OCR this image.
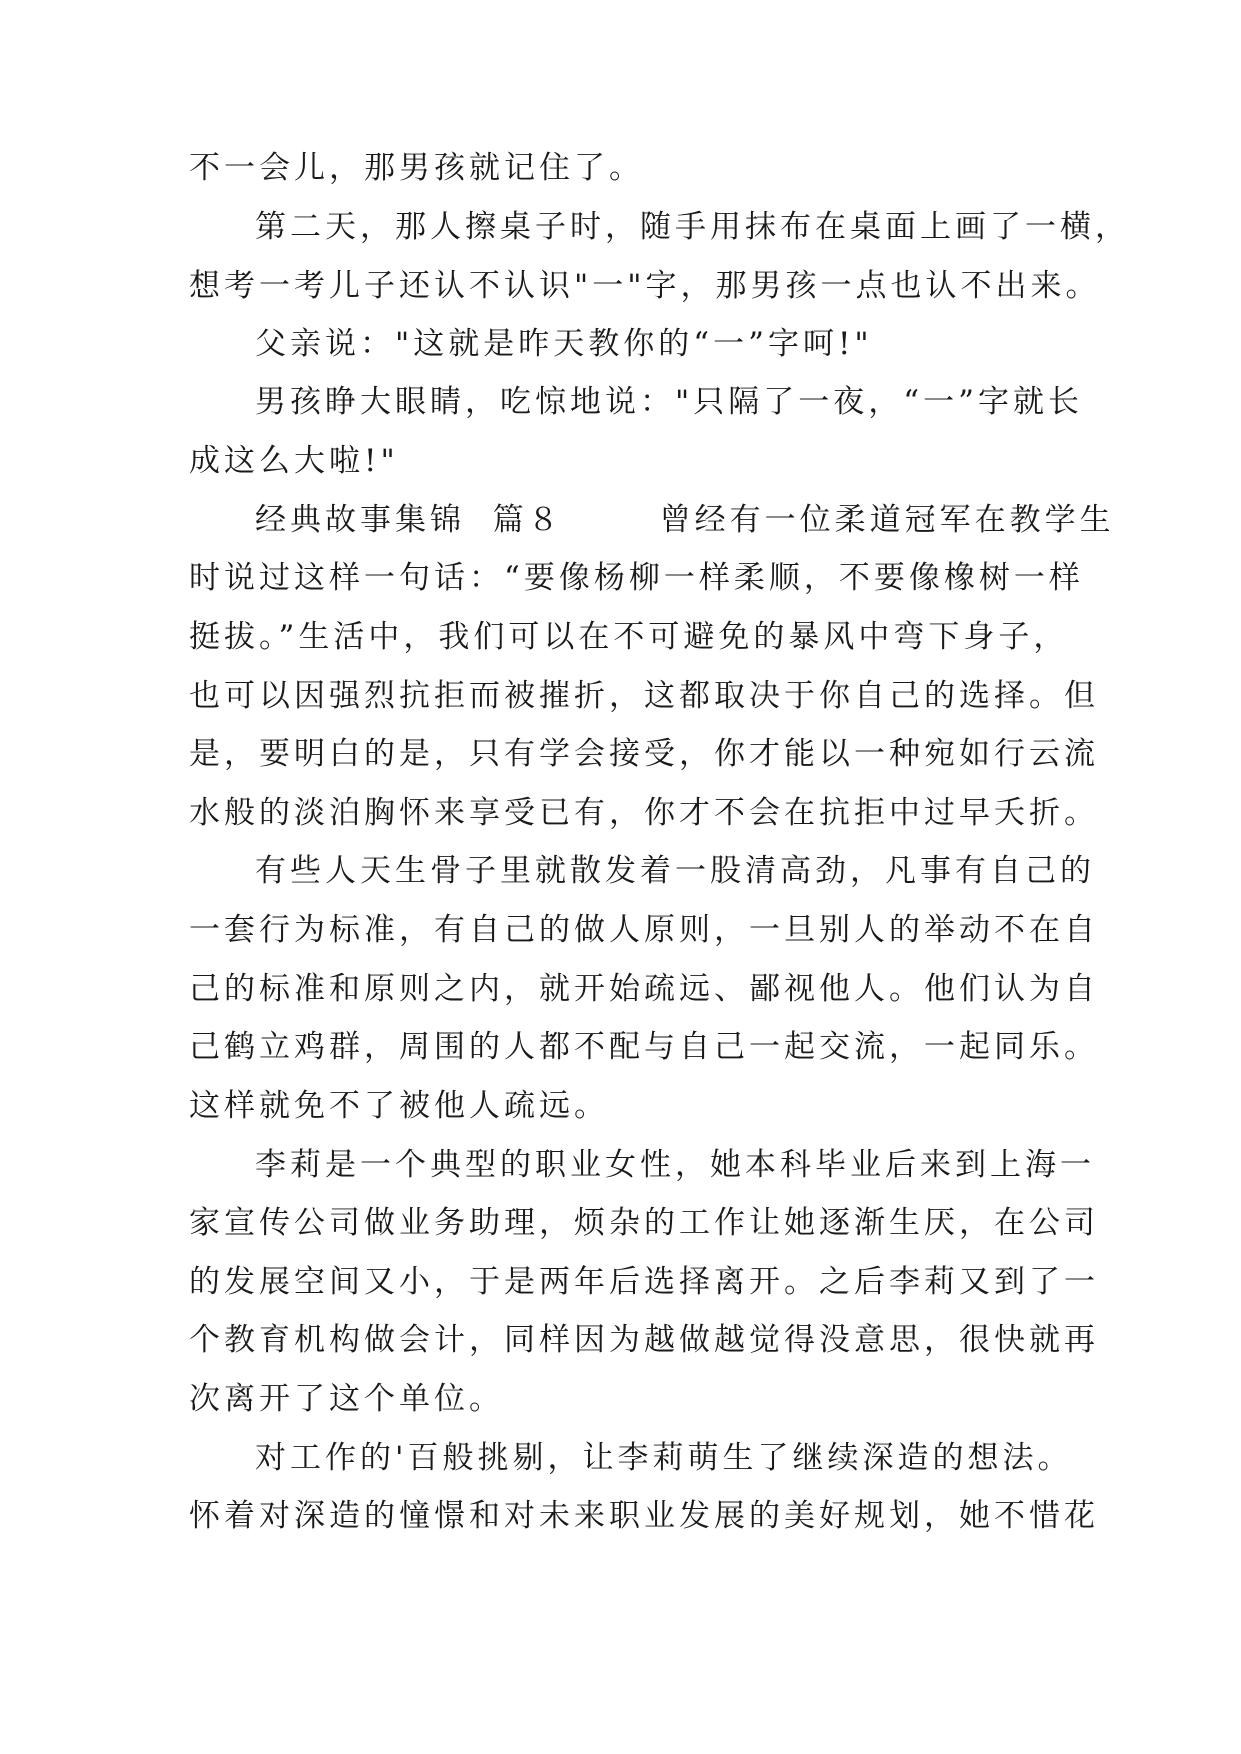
不一会儿，那男孩就记住了。

第二天，那人擦桌子时，随手用抹布在桌面上画了一横，

想考一考儿子还认不认识"一"字，那男孩一点也认不出来。

父亲说："这就是昨天教你的“一”字呵!"

男孩睁大眼睛，吃惊地说："只隔了一夜，“一”字就长

成这么大啦!"

经典故事集锦  篇８       曾经有一位柔道冠军在教学生

时说过这样一句话：“要像杨柳一样柔顺，不要像橡树一样

挺拔。”生活中，我们可以在不可避免的暴风中弯下身子，

也可以因强烈抗拒而被摧折，这都取决于你自己的选择。但

是，要明白的是，只有学会接受，你才能以一种宛如行云流

水般的淡泊胸怀来享受已有，你才不会在抗拒中过早夭折。

有些人天生骨子里就散发着一股清高劲，凡事有自己的

一套行为标准，有自己的做人原则，一旦别人的举动不在自

己的标准和原则之内，就开始疏远、鄙视他人。他们认为自

己鹤立鸡群，周围的人都不配与自己一起交流，一起同乐。

这样就免不了被他人疏远。

李莉是一个典型的职业女性，她本科毕业后来到上海一

家宣传公司做业务助理，烦杂的工作让她逐渐生厌，在公司

的发展空间又小，于是两年后选择离开。之后李莉又到了一

个教育机构做会计，同样因为越做越觉得没意思，很快就再

次离开了这个单位。

对工作的'百般挑剔，让李莉萌生了继续深造的想法。

怀着对深造的憧憬和对未来职业发展的美好规划，她不惜花
